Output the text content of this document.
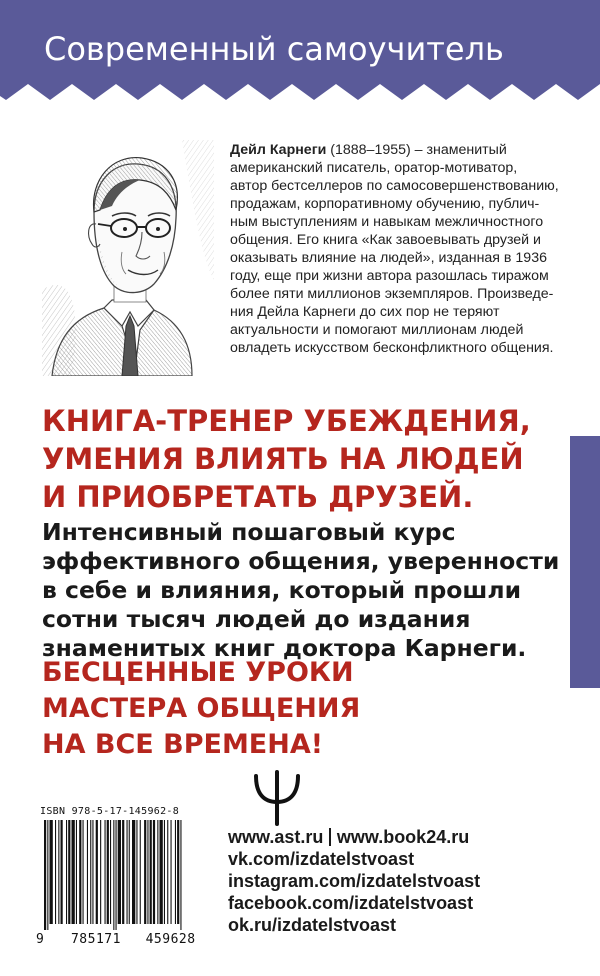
Современный самоучитель

Дейл Карнеги (1888–1955) – знаменитый
американский писатель, оратор-мотиватор,
автор бестселлеров по самосовершенствованию,
продажам, корпоративному обучению, публич-
ным выступлениям и навыкам межличностного
общения. Его книга «Как завоевывать друзей и
оказывать влияние на людей», изданная в 1936
году, еще при жизни автора разошлась тиражом
более пяти миллионов экземпляров. Произведе-
ния Дейла Карнеги до сих пор не теряют
актуальности и помогают миллионам людей
овладеть искусством бесконфликтного общения.

КНИГА-ТРЕНЕР УБЕЖДЕНИЯ,
УМЕНИЯ ВЛИЯТЬ НА ЛЮДЕЙ
И ПРИОБРЕТАТЬ ДРУЗЕЙ.
Интенсивный пошаговый курс
эффективного общения, уверенности
в себе и влияния, который прошли
сотни тысяч людей до издания
знаменитых книг доктора Карнеги.
БЕСЦЕННЫЕ УРОКИ
МАСТЕРА ОБЩЕНИЯ
НА ВСЕ ВРЕМЕНА!
ISBN 978-5-17-145962-8
9 785171 459628
www.ast.ru www.book24.ru
vk.com/izdatelstvoast
instagram.com/izdatelstvoast
facebook.com/izdatelstvoast
ok.ru/izdatelstvoast
